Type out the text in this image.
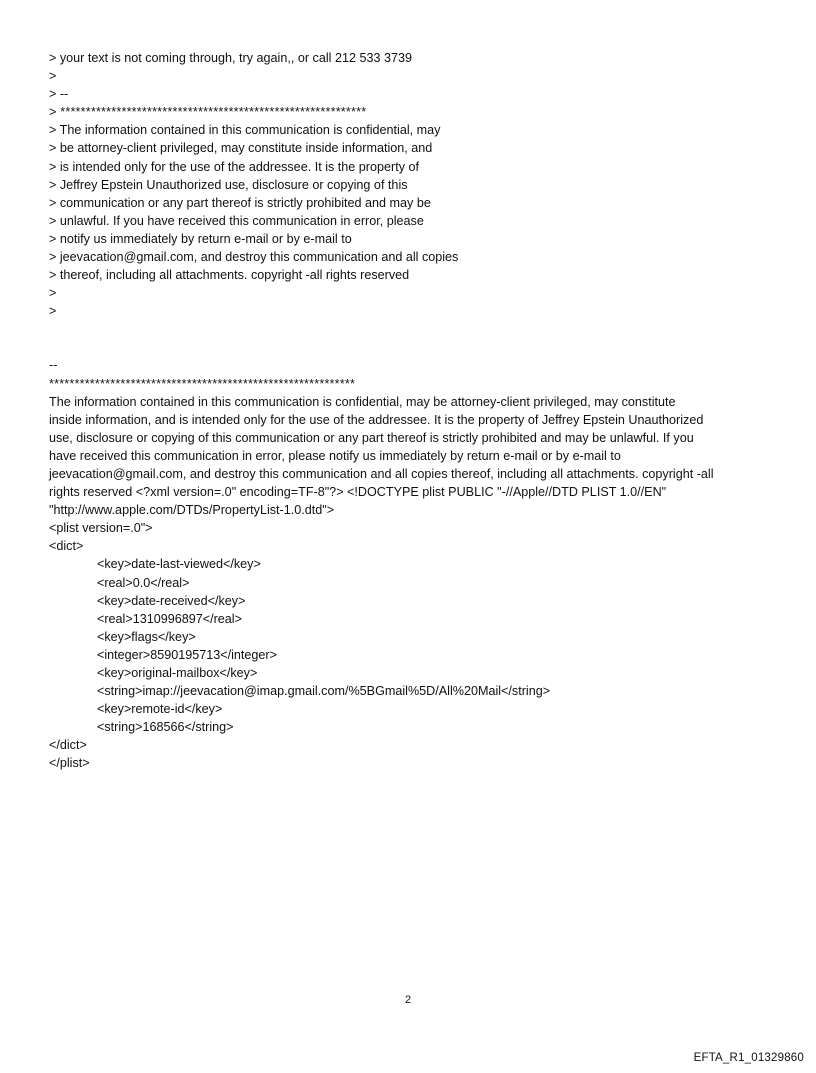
> your text is not coming through, try again,, or call 212 533 3739
>
> --
> ************************************************************
> The information contained in this communication is confidential, may
> be attorney-client privileged, may constitute inside information, and
> is intended only for the use of the addressee. It is the property of
> Jeffrey Epstein Unauthorized use, disclosure or copying of this
> communication or any part thereof is strictly prohibited and may be
> unlawful. If you have received this communication in error, please
> notify us immediately by return e-mail or by e-mail to
> jeevacation@gmail.com, and destroy this communication and all copies
> thereof, including all attachments. copyright -all rights reserved
>
>
--
************************************************************
The information contained in this communication is confidential, may be attorney-client privileged, may constitute
inside information, and is intended only for the use of the addressee. It is the property of Jeffrey Epstein Unauthorized
use, disclosure or copying of this communication or any part thereof is strictly prohibited and may be unlawful. If you
have received this communication in error, please notify us immediately by return e-mail or by e-mail to
jeevacation@gmail.com, and destroy this communication and all copies thereof, including all attachments. copyright -all
rights reserved <?xml version=.0" encoding=TF-8"?> <!DOCTYPE plist PUBLIC "-//Apple//DTD PLIST 1.0//EN"
"http://www.apple.com/DTDs/PropertyList-1.0.dtd">
<plist version=.0">
<dict>
<key>date-last-viewed</key>
<real>0.0</real>
<key>date-received</key>
<real>1310996897</real>
<key>flags</key>
<integer>8590195713</integer>
<key>original-mailbox</key>
<string>imap://jeevacation@imap.gmail.com/%5BGmail%5D/All%20Mail</string>
<key>remote-id</key>
<string>168566</string>
</dict>
</plist>
2
EFTA_R1_01329860
